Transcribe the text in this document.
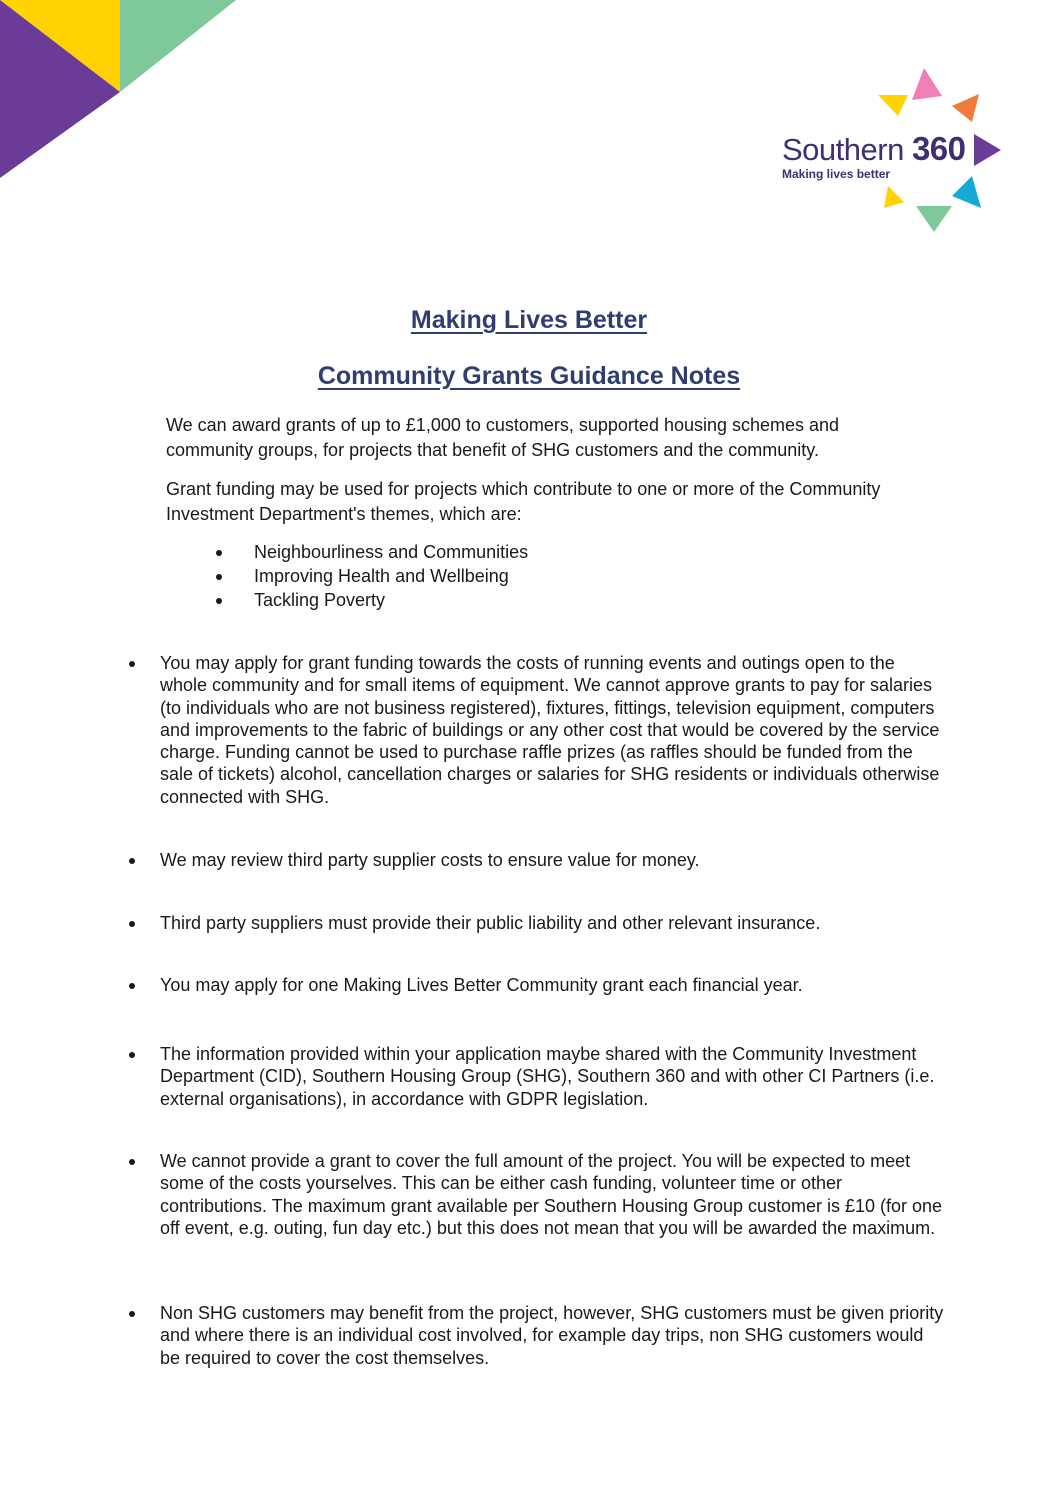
Southern 360
Making lives better
Making Lives Better
Community Grants Guidance Notes

We can award grants of up to £1,000 to customers, supported housing schemes and community groups, for projects that benefit of SHG customers and the community.

Grant funding may be used for projects which contribute to one or more of the Community Investment Department's themes, which are:

Neighbourliness and Communities
Improving Health and Wellbeing
Tackling Poverty

You may apply for grant funding towards the costs of running events and outings open to the whole community and for small items of equipment. We cannot approve grants to pay for salaries (to individuals who are not business registered), fixtures, fittings, television equipment, computers and improvements to the fabric of buildings or any other cost that would be covered by the service charge. Funding cannot be used to purchase raffle prizes (as raffles should be funded from the sale of tickets) alcohol, cancellation charges or salaries for SHG residents or individuals otherwise connected with SHG.

We may review third party supplier costs to ensure value for money.

Third party suppliers must provide their public liability and other relevant insurance.

You may apply for one Making Lives Better Community grant each financial year.

The information provided within your application maybe shared with the Community Investment Department (CID), Southern Housing Group (SHG), Southern 360 and with other CI Partners (i.e. external organisations), in accordance with GDPR legislation.

We cannot provide a grant to cover the full amount of the project. You will be expected to meet some of the costs yourselves. This can be either cash funding, volunteer time or other contributions. The maximum grant available per Southern Housing Group customer is £10 (for one off event, e.g. outing, fun day etc.) but this does not mean that you will be awarded the maximum.

Non SHG customers may benefit from the project, however, SHG customers must be given priority and where there is an individual cost involved, for example day trips, non SHG customers would be required to cover the cost themselves.
